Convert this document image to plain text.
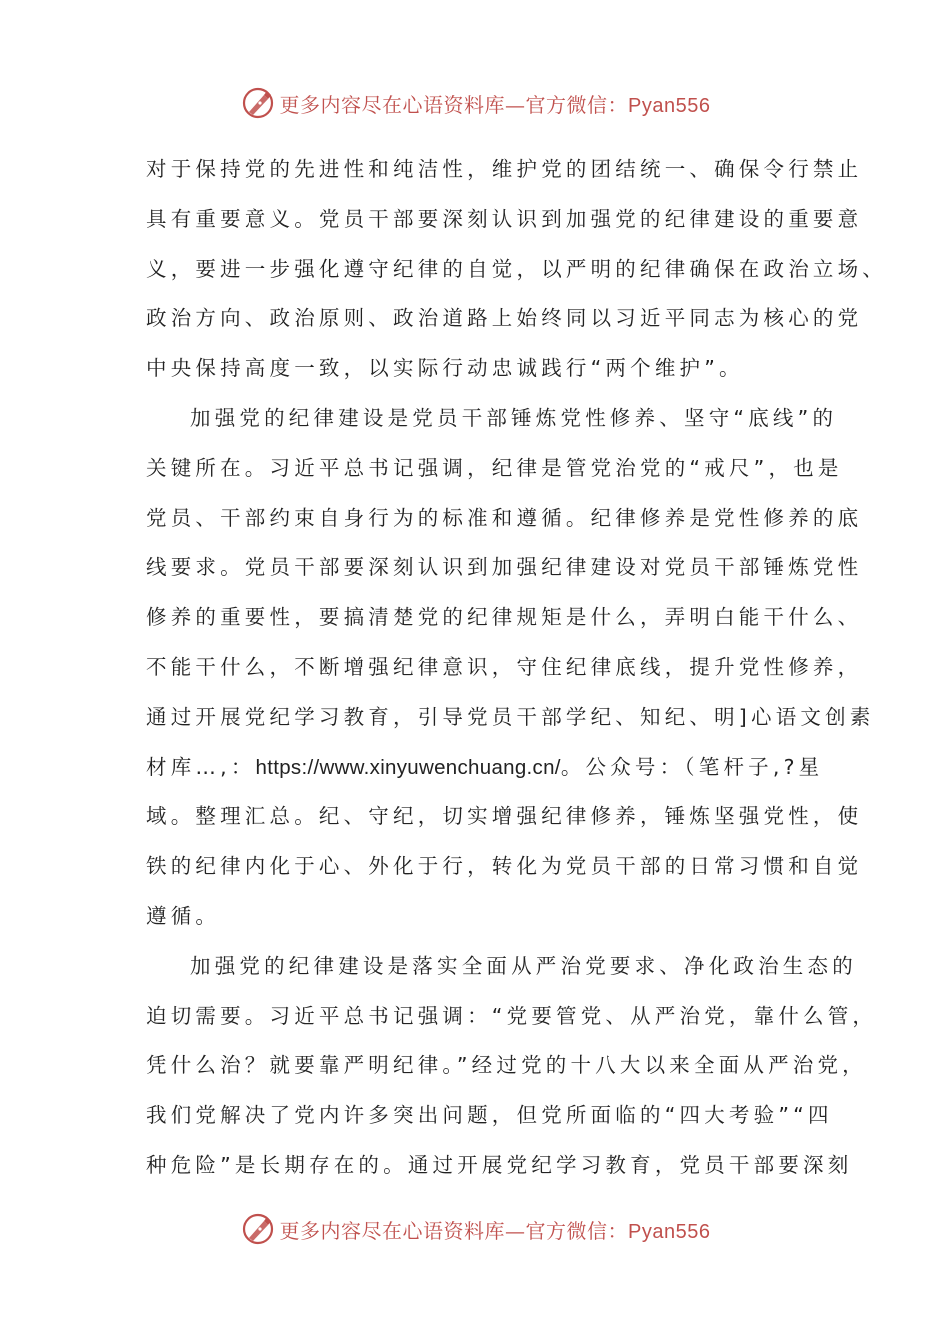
更多内容尽在心语资料库—官方微信：Pyan556
对于保持党的先进性和纯洁性，维护党的团结统一、确保令行禁止
具有重要意义。党员干部要深刻认识到加强党的纪律建设的重要意
义，要进一步强化遵守纪律的自觉，以严明的纪律确保在政治立场、
政治方向、政治原则、政治道路上始终同以习近平同志为核心的党
中央保持高度一致，以实际行动忠诚践行“两个维护”。
加强党的纪律建设是党员干部锤炼党性修养、坚守“底线”的
关键所在。习近平总书记强调，纪律是管党治党的“戒尺”，也是
党员、干部约束自身行为的标准和遵循。纪律修养是党性修养的底
线要求。党员干部要深刻认识到加强纪律建设对党员干部锤炼党性
修养的重要性，要搞清楚党的纪律规矩是什么，弄明白能干什么、
不能干什么，不断增强纪律意识，守住纪律底线，提升党性修养，
通过开展党纪学习教育，引导党员干部学纪、知纪、明]心语文创素
材库…,：https://www.xinyuwenchuang.cn/。公众号：（笔杆子,?星
域。整理汇总。纪、守纪，切实增强纪律修养，锤炼坚强党性，使
铁的纪律内化于心、外化于行，转化为党员干部的日常习惯和自觉
遵循。
加强党的纪律建设是落实全面从严治党要求、净化政治生态的
迫切需要。习近平总书记强调：“党要管党、从严治党，靠什么管，
凭什么治？就要靠严明纪律。”经过党的十八大以来全面从严治党，
我们党解决了党内许多突出问题，但党所面临的“四大考验”“四
种危险”是长期存在的。通过开展党纪学习教育，党员干部要深刻
更多内容尽在心语资料库—官方微信：Pyan556
